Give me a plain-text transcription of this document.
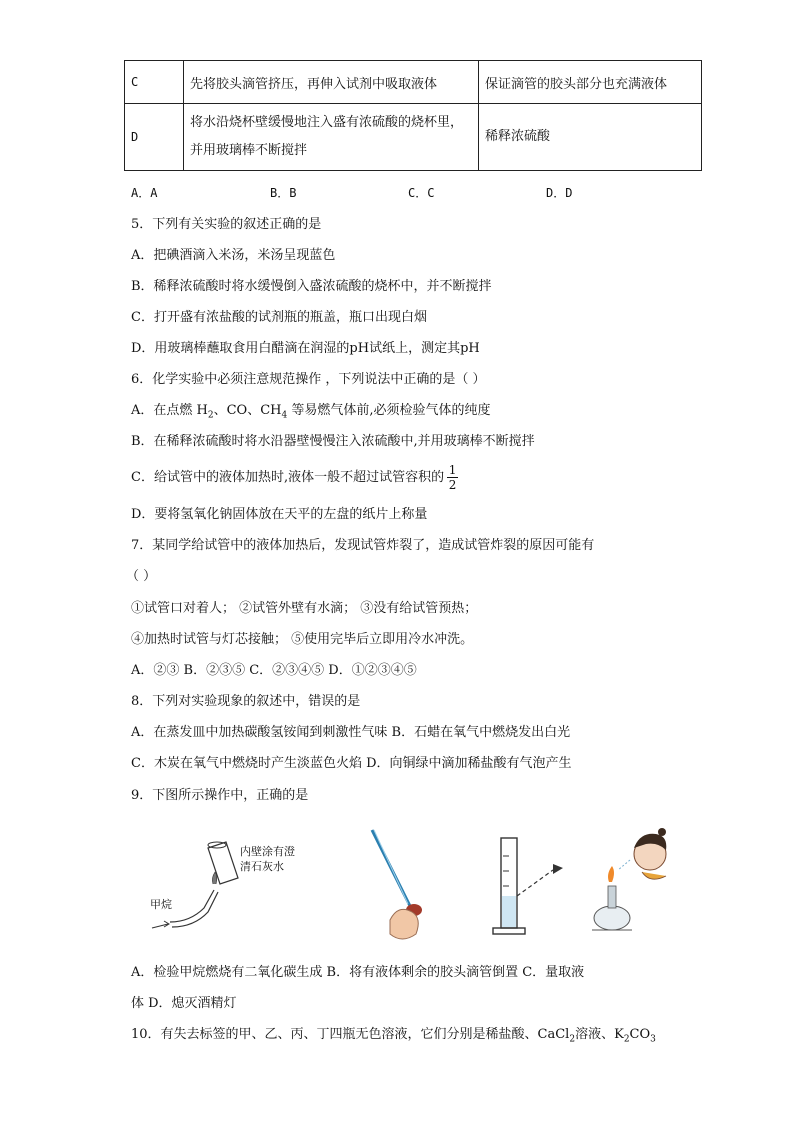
C	先将胶头滴管挤压，再伸入试剂中吸取液体	保证滴管的胶头部分也充满液体
D	将水沿烧杯壁缓慢地注入盛有浓硫酸的烧杯里，
并用玻璃棒不断搅拌	稀释浓硫酸
A．A	B．B	C．C	D．D
5．下列有关实验的叙述正确的是
A．把碘酒滴入米汤，米汤呈现蓝色
B．稀释浓硫酸时将水缓慢倒入盛浓硫酸的烧杯中，并不断搅拌
C．打开盛有浓盐酸的试剂瓶的瓶盖，瓶口出现白烟
D．用玻璃棒蘸取食用白醋滴在润湿的pH试纸上，测定其pH
6．化学实验中必须注意规范操作 ，下列说法中正确的是（ ）
A．在点燃 $H_2$、CO、$CH_4$ 等易燃气体前,必须检验气体的纯度
B．在稀释浓硫酸时将水沿器壁慢慢注入浓硫酸中,并用玻璃棒不断搅拌
C．给试管中的液体加热时,液体一般不超过试管容积的 $\frac{1}{2}$
D．要将氢氧化钠固体放在天平的左盘的纸片上称量
7．某同学给试管中的液体加热后，发现试管炸裂了，造成试管炸裂的原因可能有
（ ）
①试管口对着人； ②试管外壁有水滴； ③没有给试管预热；
④加热时试管与灯芯接触； ⑤使用完毕后立即用冷水冲洗。
A．②③ B．②③⑤ C．②③④⑤ D．①②③④⑤
8．下列对实验现象的叙述中，错误的是
A．在蒸发皿中加热碳酸氢铵闻到刺激性气味 B．石蜡在氧气中燃烧发出白光
C．木炭在氧气中燃烧时产生淡蓝色火焰 D．向铜绿中滴加稀盐酸有气泡产生
9．下图所示操作中，正确的是
内壁涂有澄
清石灰水
甲烷
A．检验甲烷燃烧有二氧化碳生成 B．将有液体剩余的胶头滴管倒置 C．量取液
体 D．熄灭酒精灯
10．有失去标签的甲、乙、丙、丁四瓶无色溶液，它们分别是稀盐酸、CaCl$_2$溶液、$K_2CO_3$
